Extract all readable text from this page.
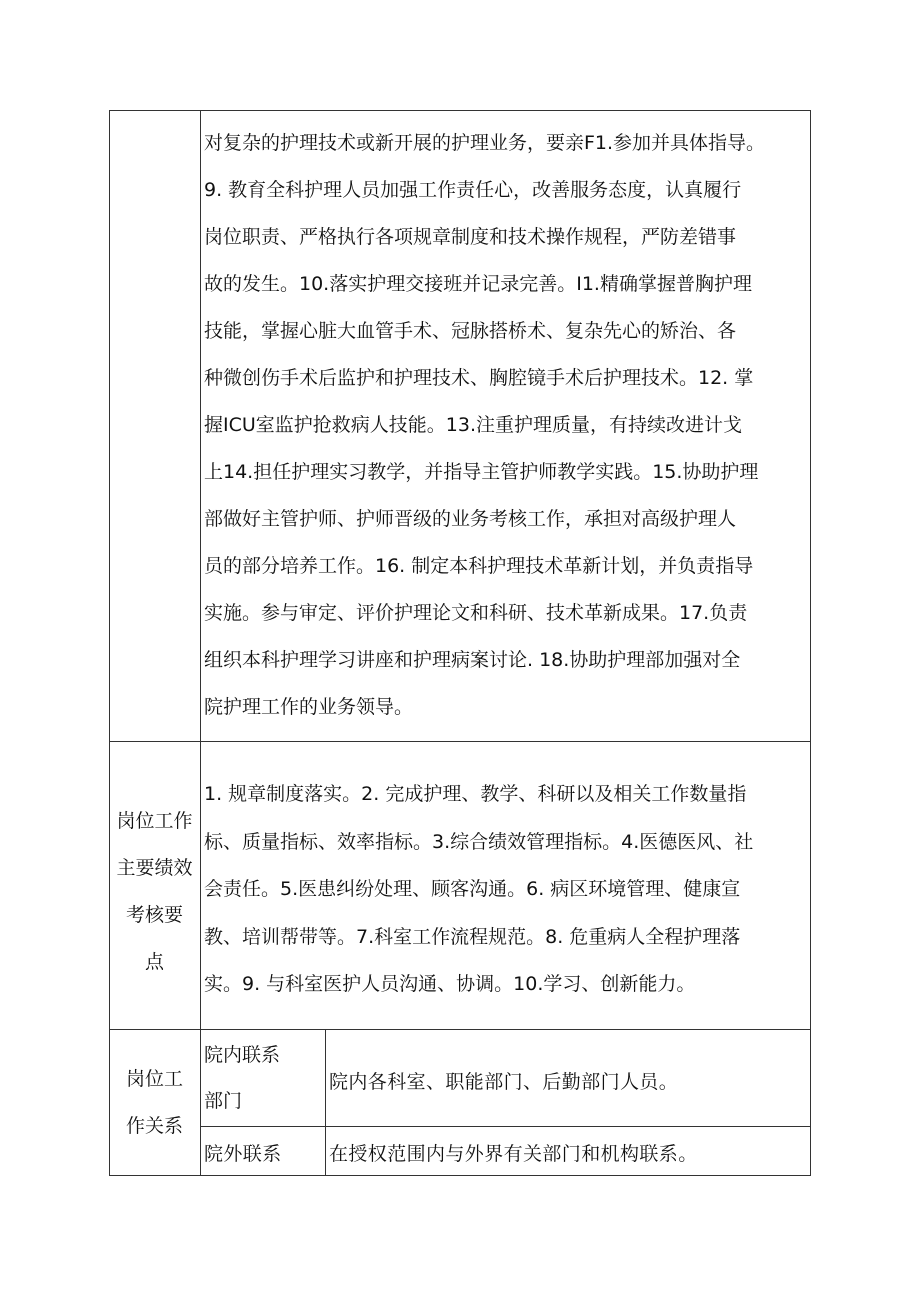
对复杂的护理技术或新开展的护理业务，要亲F1.参加并具体指导。
9. 教育全科护理人员加强工作责任心，改善服务态度，认真履行
岗位职责、严格执行各项规章制度和技术操作规程，严防差错事
故的发生。10.落实护理交接班并记录完善。I1.精确掌握普胸护理
技能，掌握心脏大血管手术、冠脉搭桥术、复杂先心的矫治、各
种微创伤手术后监护和护理技术、胸腔镜手术后护理技术。12. 掌
握ICU室监护抢救病人技能。13.注重护理质量，有持续改进计戈
上14.担任护理实习教学，并指导主管护师教学实践。15.协助护理
部做好主管护师、护师晋级的业务考核工作，承担对高级护理人
员的部分培养工作。16. 制定本科护理技术革新计划，并负责指导
实施。参与审定、评价护理论文和科研、技术革新成果。17.负责
组织本科护理学习讲座和护理病案讨论. 18.协助护理部加强对全
院护理工作的业务领导。
岗位工作
主要绩效
考核要
点
1. 规章制度落实。2. 完成护理、教学、科研以及相关工作数量指
标、质量指标、效率指标。3.综合绩效管理指标。4.医德医风、社
会责任。5.医患纠纷处理、顾客沟通。6. 病区环境管理、健康宣
教、培训帮带等。7.科室工作流程规范。8. 危重病人全程护理落
实。9. 与科室医护人员沟通、协调。10.学习、创新能力。
岗位工
作关系
院内联系
部门
院内各科室、职能部门、后勤部门人员。
院外联系 在授权范围内与外界有关部门和机构联系。
